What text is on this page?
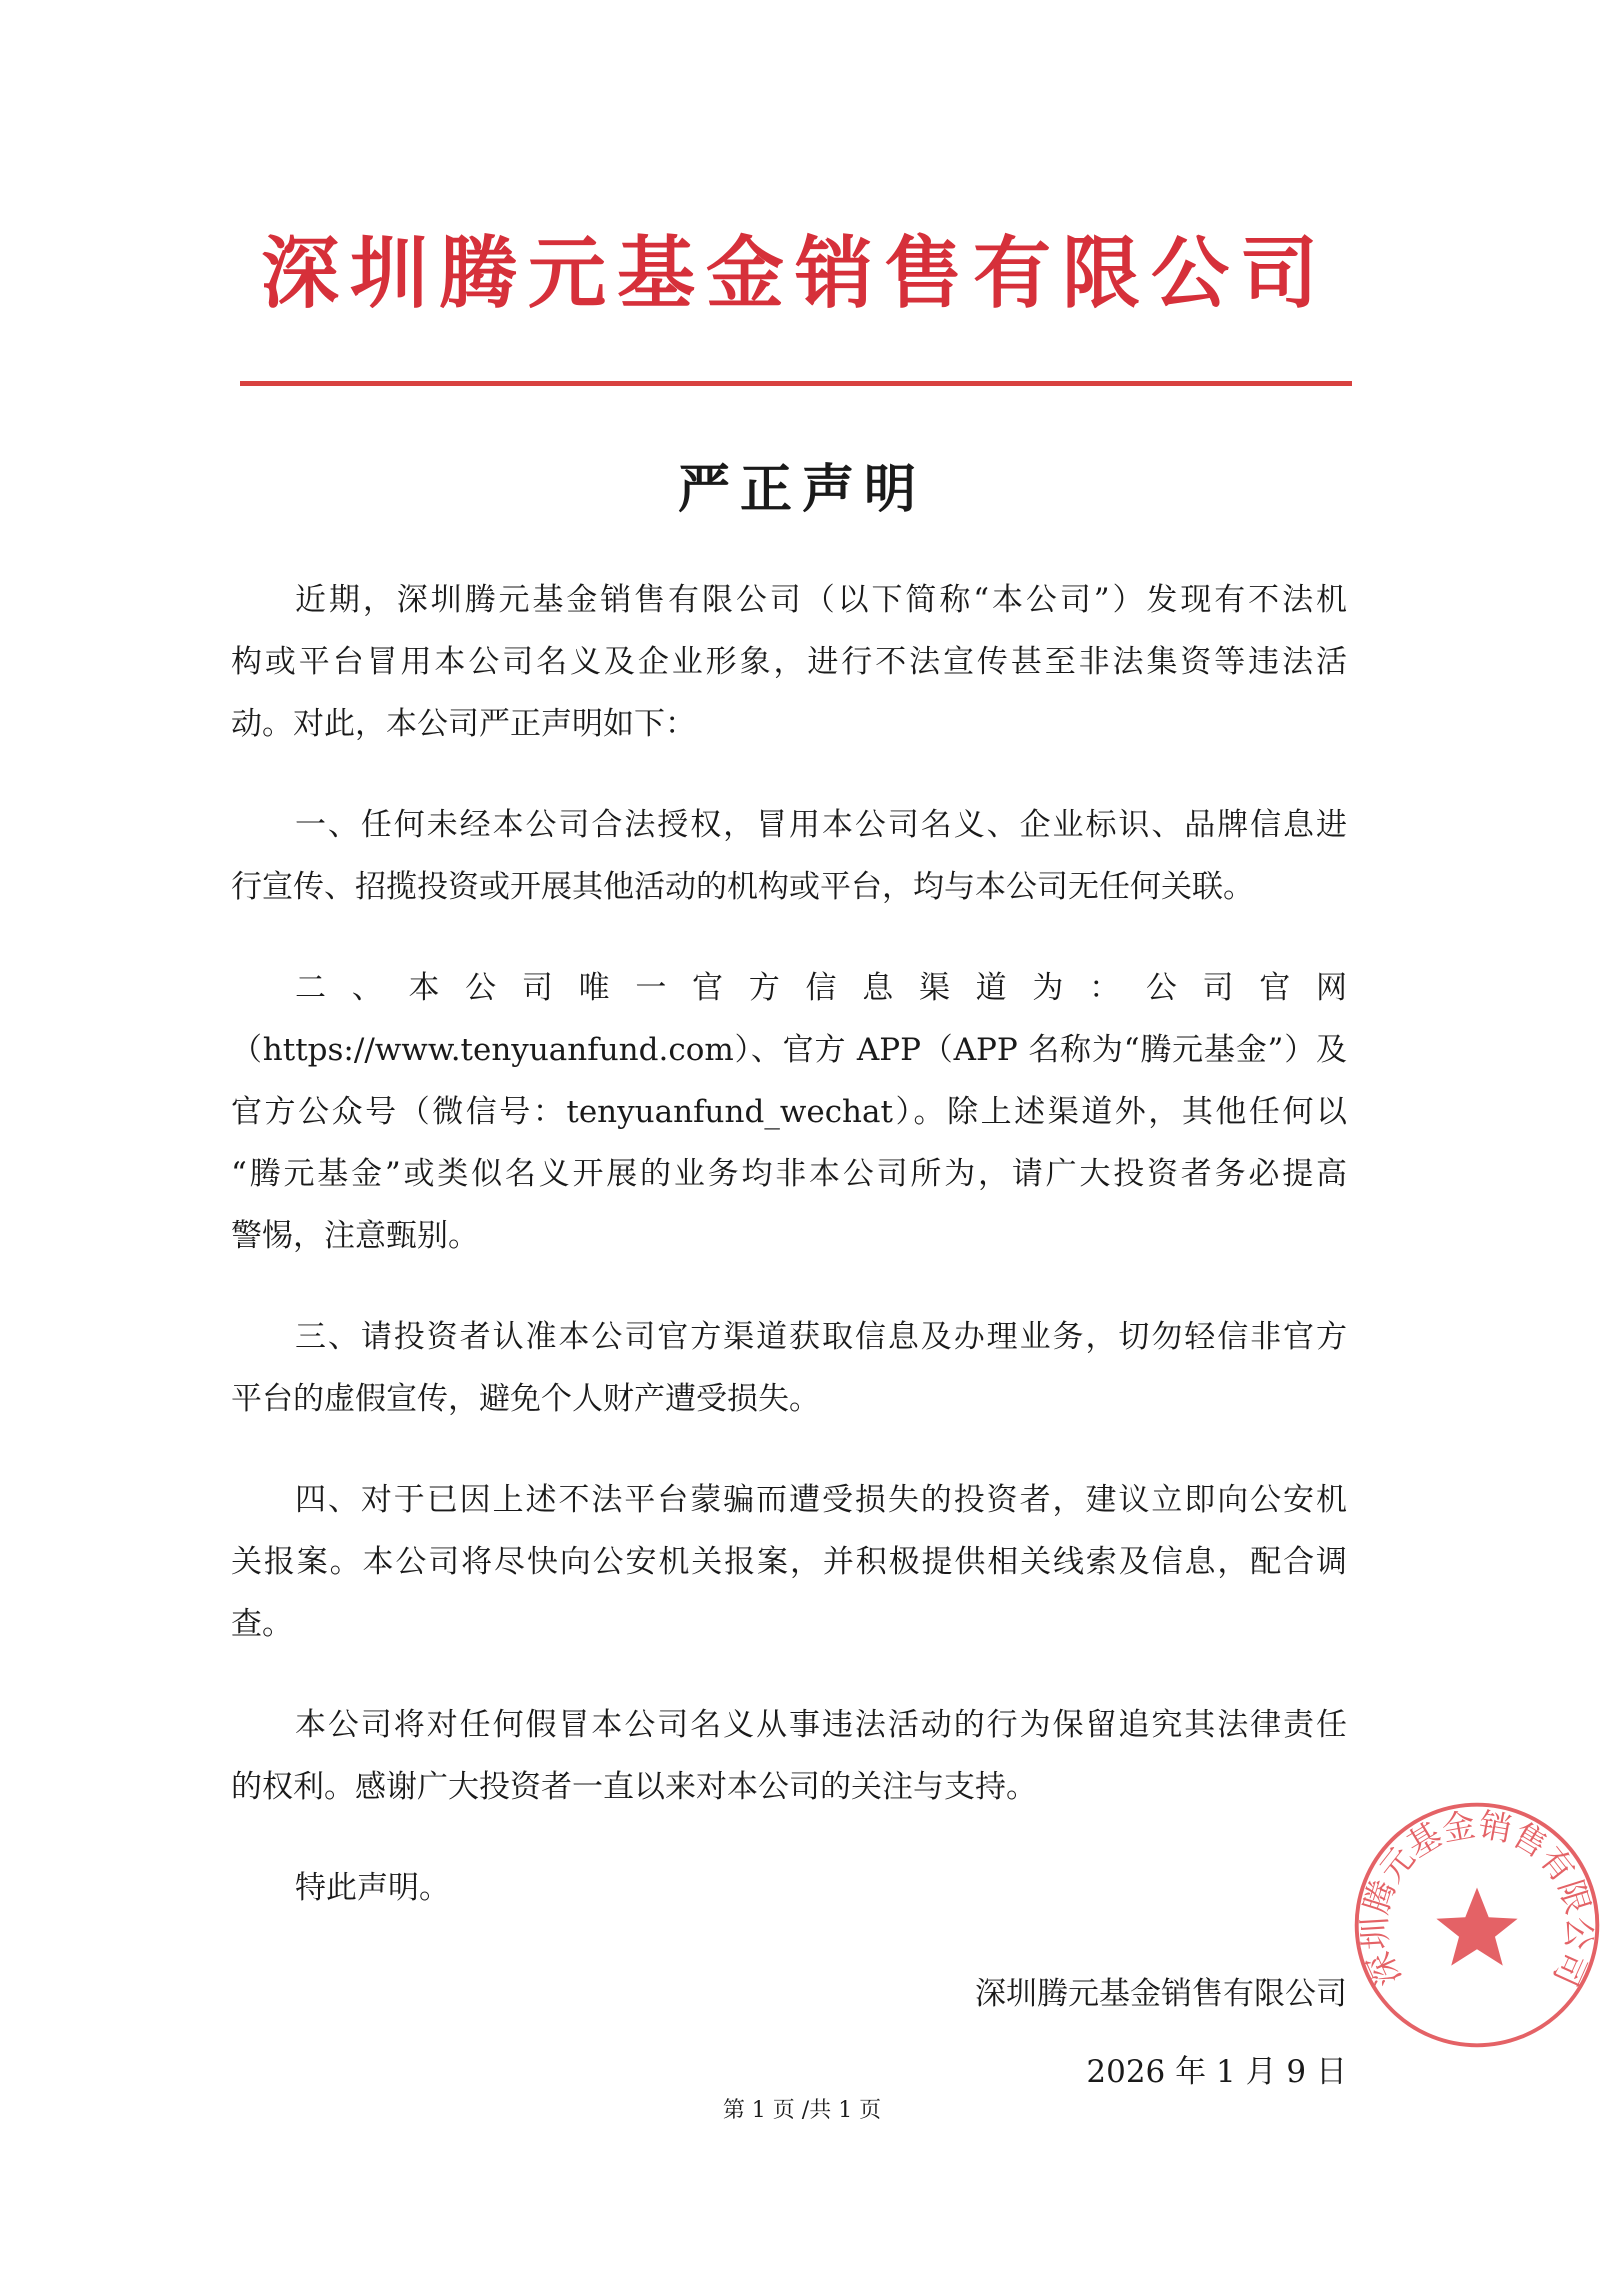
深圳腾元基金销售有限公司
严正声明
近期，深圳腾元基金销售有限公司（以下简称“本公司”）发现有不法机
构或平台冒用本公司名义及企业形象，进行不法宣传甚至非法集资等违法活
动。对此，本公司严正声明如下：
一、任何未经本公司合法授权，冒用本公司名义、企业标识、品牌信息进
行宣传、招揽投资或开展其他活动的机构或平台，均与本公司无任何关联。
二、本公司唯一官方信息渠道为：公司官网
（https://www.tenyuanfund.com）、官方 APP（APP 名称为“腾元基金”）及
官方公众号（微信号：tenyuanfund_wechat）。除上述渠道外，其他任何以
“腾元基金”或类似名义开展的业务均非本公司所为，请广大投资者务必提高
警惕，注意甄别。
三、请投资者认准本公司官方渠道获取信息及办理业务，切勿轻信非官方
平台的虚假宣传，避免个人财产遭受损失。
四、对于已因上述不法平台蒙骗而遭受损失的投资者，建议立即向公安机
关报案。本公司将尽快向公安机关报案，并积极提供相关线索及信息，配合调
查。
本公司将对任何假冒本公司名义从事违法活动的行为保留追究其法律责任
的权利。感谢广大投资者一直以来对本公司的关注与支持。
特此声明。
深圳腾元基金销售有限公司
2026 年 1 月 9 日
第 1 页 /共 1 页
深圳腾元基金销售有限公司
